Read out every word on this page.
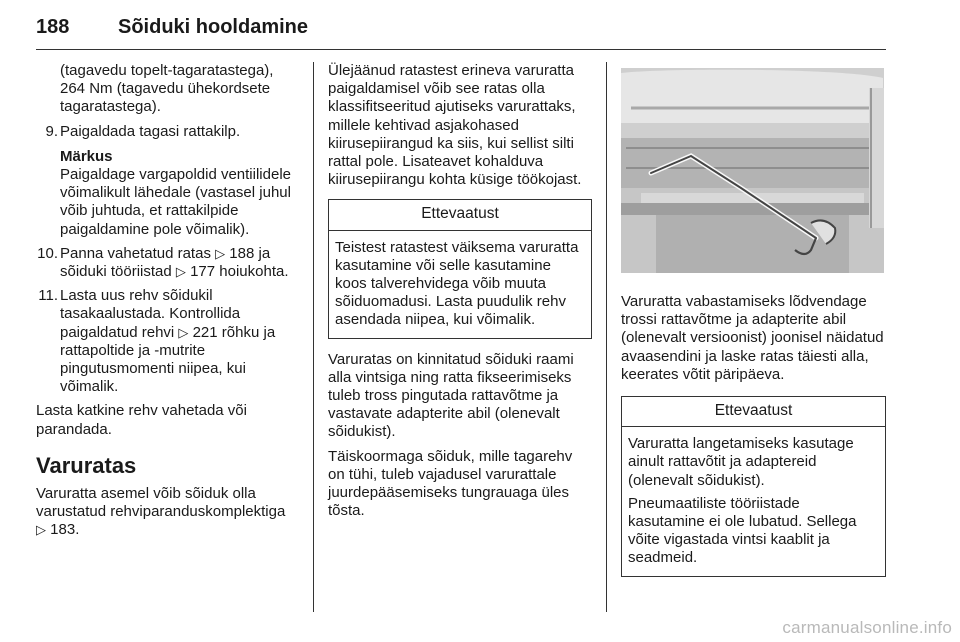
188 Sõiduki hooldamine

(tagavedu topelt-tagaratastega), 264 Nm (tagavedu ühekordsete tagaratastega).

9. Paigaldada tagasi rattakilp.

Märkus

Paigaldage vargapoldid ventiilidele võimalikult lähedale (vastasel juhul võib juhtuda, et rattakilpide paigaldamine pole võimalik).

10. Panna vahetatud ratas ▷ 188 ja sõiduki tööriistad ▷ 177 hoiukohta.
11. Lasta uus rehv sõidukil tasakaalustada. Kontrollida paigaldatud rehvi ▷ 221 rõhku ja rattapoltide ja -mutrite pingutusmomenti niipea, kui võimalik.

Lasta katkine rehv vahetada või parandada.

Varuratas

Varuratta asemel võib sõiduk olla varustatud rehviparanduskomplektiga ▷ 183.

Ülejäänud ratastest erineva varuratta paigaldamisel võib see ratas olla klassifitseeritud ajutiseks varurattaks, millele kehtivad asjakohased kiirusepiirangud ka siis, kui sellist silti rattal pole. Lisateavet kohalduva kiirusepiirangu kohta küsige töökojast.

Ettevaatust

Teistest ratastest väiksema varuratta kasutamine või selle kasutamine koos talverehvidega võib muuta sõiduomadusi. Lasta puudulik rehv asendada niipea, kui võimalik.

Varuratas on kinnitatud sõiduki raami alla vintsiga ning ratta fikseerimiseks tuleb tross pingutada rattavõtme ja vastavate adapterite abil (olenevalt sõidukist).

Täiskoormaga sõiduk, mille tagarehv on tühi, tuleb vajadusel varurattale juurdepääsemiseks tungrauaga üles tõsta.

Varuratta vabastamiseks lõdvendage trossi rattavõtme ja adapterite abil (olenevalt versioonist) joonisel näidatud avaasendini ja laske ratas täiesti alla, keerates võtit päripäeva.

Ettevaatust

Varuratta langetamiseks kasutage ainult rattavõtit ja adaptereid (olenevalt sõidukist).

Pneumaatiliste tööriistade kasutamine ei ole lubatud. Sellega võite vigastada vintsi kaablit ja seadmeid.

carmanualsonline.info
